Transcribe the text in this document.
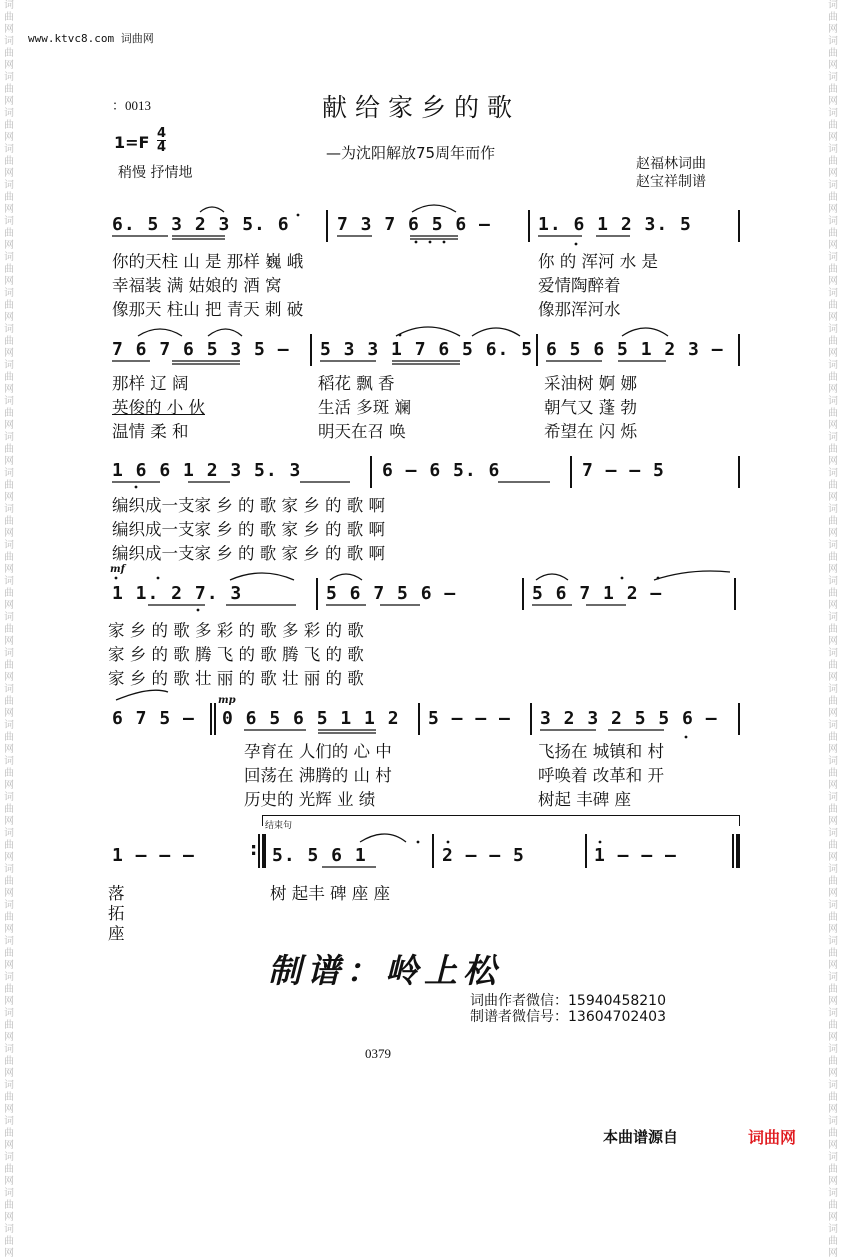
词曲网词曲网词曲网词曲网词曲网词曲网词曲网词曲网词曲网词曲网词曲网词曲网词曲网词曲网词曲网词曲网词曲网词曲网词曲网词曲网词曲网词曲网词曲网词曲网词曲网词曲网词曲网词曲网词曲网词曲网词曲网词曲网词曲网词曲网词曲网
词曲网词曲网词曲网词曲网词曲网词曲网词曲网词曲网词曲网词曲网词曲网词曲网词曲网词曲网词曲网词曲网词曲网词曲网词曲网词曲网词曲网词曲网词曲网词曲网词曲网词曲网词曲网词曲网词曲网词曲网词曲网词曲网词曲网词曲网词曲网
www.ktvc8.com 词曲网
：0013	献给家乡的歌
1=F 4
4	—为沈阳解放75周年而作
稍慢 抒情地
赵福林词曲
赵宝祥制谱
6. 5 3 2 3 5. 6	7 3 7 6 5 6 –	1. 6 1 2 3. 5
你的天柱 山 是 那样 巍 峨
幸福装 满 姑娘的 酒 窝
像那天 柱山 把 青天 刺 破
你 的 浑河 水 是
爱情陶醉着
像那浑河水
7 6 7 6 5 3 5 – 5 3 3 1 7 6 5 6. 5 6 5 6 5 1 2 3 –
那样 辽 阔
英俊的 小 伙
温情 柔 和
稻花 飘 香
生活 多斑 斓
明天在召 唤
采油树 婀 娜
朝气又 蓬 勃
希望在 闪 烁
1 6 6 1 2 3 5. 3	6 – 6 5. 6	7 – – 5
编织成一支家 乡 的 歌 家 乡 的 歌 啊
编织成一支家 乡 的 歌 家 乡 的 歌 啊
编织成一支家 乡 的 歌 家 乡 的 歌 啊
mf
1 1. 2 7. 3	5 6 7 5 6 –	5 6 7 1 2 –
家 乡 的 歌 多 彩 的 歌 多 彩 的 歌
家 乡 的 歌 腾 飞 的 歌 腾 飞 的 歌
家 乡 的 歌 壮 丽 的 歌 壮 丽 的 歌
6 7 5 –
mp
0 6 5 6 5 1 1 2 5 – – – 3 2 3 2 5 5 6 –
孕育在 人们的 心 中
回荡在 沸腾的 山 村
历史的 光辉 业 绩
飞扬在 城镇和 村
呼唤着 改革和 开
树起 丰碑 座
结束句
1 – – –	: 5. 5 6 1	2 – – 5	1 – – –
落
拓
座
树 起丰 碑 座 座
制谱：岭上松
词曲作者微信：15940458210
制谱者微信号：13604702403
0379
本曲谱源自	词曲网
